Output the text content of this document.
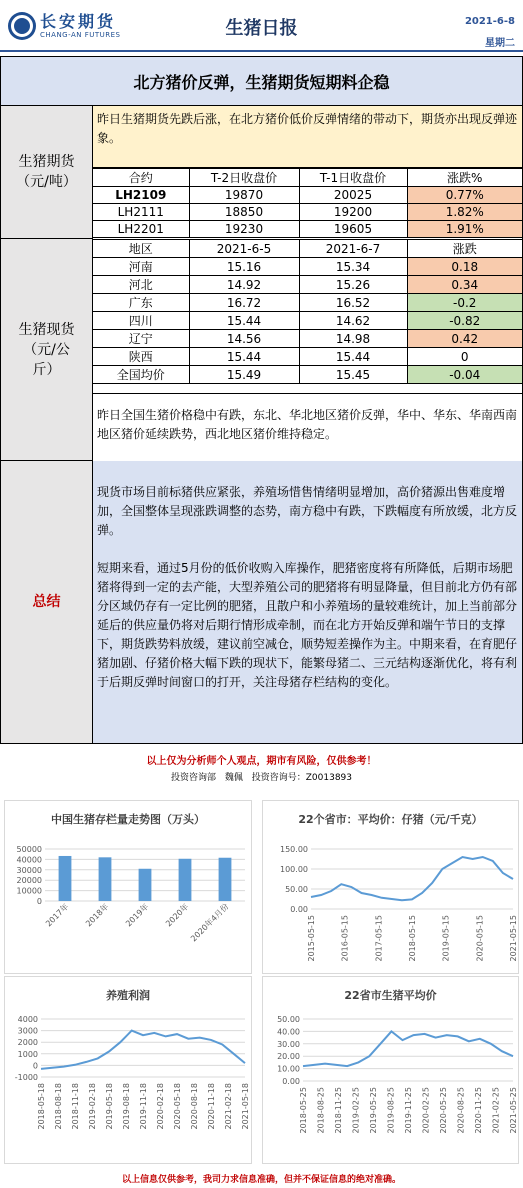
长安期货
CHANG-AN FUTURES	生猪日报	2021-6-8
星期二
北方猪价反弹，生猪期货短期料企稳
生猪期货
（元/吨）
昨日生猪期货先跌后涨，在北方猪价低价反弹情绪的带动下，期货亦出现反弹迹象。
合约	T-2日收盘价	T-1日收盘价	涨跌%
LH2109	19870	20025	0.77%
LH2111	18850	19200	1.82%
LH2201	19230	19605	1.91%
生猪现货
（元/公
斤）
地区	2021-6-5	2021-6-7	涨跌
河南	15.16	15.34	0.18
河北	14.92	15.26	0.34
广东	16.72	16.52	-0.2
四川	15.44	14.62	-0.82
辽宁	14.56	14.98	0.42
陕西	15.44	15.44	0
全国均价	15.49	15.45	-0.04
昨日全国生猪价格稳中有跌，东北、华北地区猪价反弹，华中、华东、华南西南地区猪价延续跌势，西北地区猪价维持稳定。
总结

现货市场目前标猪供应紧张，养殖场惜售情绪明显增加，高价猪源出售难度增加，全国整体呈现涨跌调整的态势，南方稳中有跌，下跌幅度有所放缓，北方反弹。

短期来看，通过5月份的低价收购入库操作，肥猪密度将有所降低，后期市场肥猪将得到一定的去产能，大型养殖公司的肥猪将有明显降量，但目前北方仍有部分区域仍存有一定比例的肥猪，且散户和小养殖场的量较难统计，加上当前部分延后的供应量仍将对后期行情形成牵制，而在北方开始反弹和端午节日的支撑下，期货跌势料放缓，建议前空减仓，顺势短差操作为主。中期来看，在育肥仔猪加剧、仔猪价格大幅下跌的现状下，能繁母猪二、三元结构逐渐优化，将有利于后期反弹时间窗口的打开，关注母猪存栏结构的变化。

以上仅为分析师个人观点，期市有风险，仅供参考！
投资咨询部 魏佩 投资咨询号：Z0013893
中国生猪存栏量走势图（万头）
0
10000
20000
30000
40000
50000
2017年 2018年 2019年 2020年
2020年4月份
22个省市：平均价：仔猪（元/千克）
0.00
50.00
100.00
150.00
2015-05-15	2016-05-15	2017-05-15	2018-05-15	2019-05-15	2020-05-15	2021-05-15
养殖利润
-1000
0
1000
2000
3000
4000
2018-05-18 2018-08-18 2018-11-18 2019-02-18 2019-05-18 2019-08-18 2019-11-18 2020-02-18 2020-05-18 2020-08-18 2020-11-18 2021-02-18 2021-05-18
22省市生猪平均价
0.00
10.00
20.00
30.00
40.00
50.00
2018-05-25 2018-08-25 2018-11-25 2019-02-25 2019-05-25 2019-08-25 2019-11-25 2020-02-25 2020-05-25 2020-08-25 2020-11-25 2021-02-25 2021-05-25
以上信息仅供参考，我司力求信息准确，但并不保证信息的绝对准确。
